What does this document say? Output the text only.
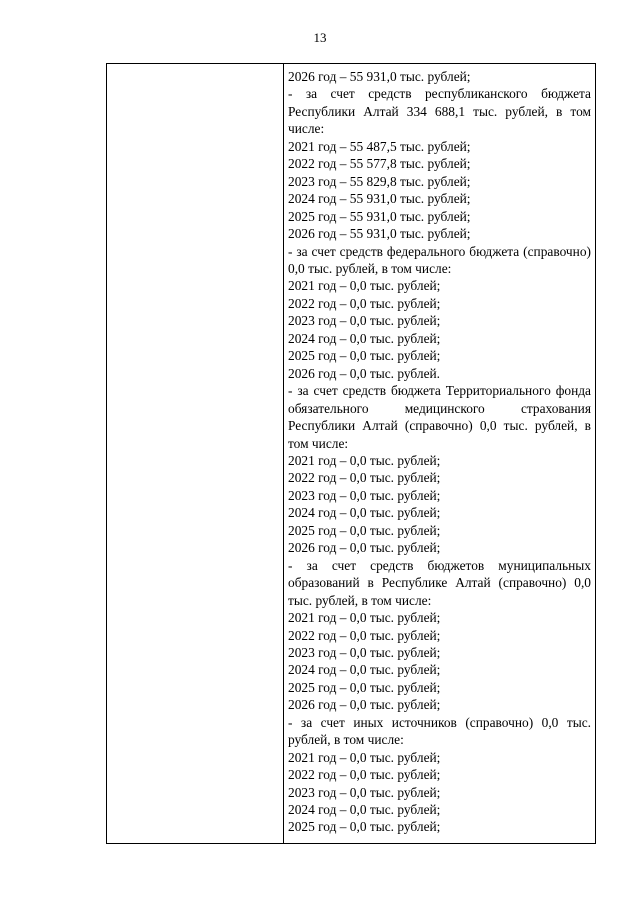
13
2026 год – 55 931,0 тыс. рублей;
- за счет средств республиканского бюджета Республики Алтай 334 688,1 тыс. рублей, в том числе:
2021 год – 55 487,5 тыс. рублей;
2022 год – 55 577,8 тыс. рублей;
2023 год – 55 829,8 тыс. рублей;
2024 год – 55 931,0 тыс. рублей;
2025 год – 55 931,0 тыс. рублей;
2026 год – 55 931,0 тыс. рублей;
- за счет средств федерального бюджета (справочно) 0,0 тыс. рублей, в том числе:
2021 год – 0,0 тыс. рублей;
2022 год – 0,0 тыс. рублей;
2023 год – 0,0 тыс. рублей;
2024 год – 0,0 тыс. рублей;
2025 год – 0,0 тыс. рублей;
2026 год – 0,0 тыс. рублей.
- за счет средств бюджета Территориального фонда обязательного медицинского страхования Республики Алтай (справочно) 0,0 тыс. рублей, в том числе:
2021 год – 0,0 тыс. рублей;
2022 год – 0,0 тыс. рублей;
2023 год – 0,0 тыс. рублей;
2024 год – 0,0 тыс. рублей;
2025 год – 0,0 тыс. рублей;
2026 год – 0,0 тыс. рублей;
- за счет средств бюджетов муниципальных образований в Республике Алтай (справочно) 0,0 тыс. рублей, в том числе:
2021 год – 0,0 тыс. рублей;
2022 год – 0,0 тыс. рублей;
2023 год – 0,0 тыс. рублей;
2024 год – 0,0 тыс. рублей;
2025 год – 0,0 тыс. рублей;
2026 год – 0,0 тыс. рублей;
- за счет иных источников (справочно) 0,0 тыс. рублей, в том числе:
2021 год – 0,0 тыс. рублей;
2022 год – 0,0 тыс. рублей;
2023 год – 0,0 тыс. рублей;
2024 год – 0,0 тыс. рублей;
2025 год – 0,0 тыс. рублей;
